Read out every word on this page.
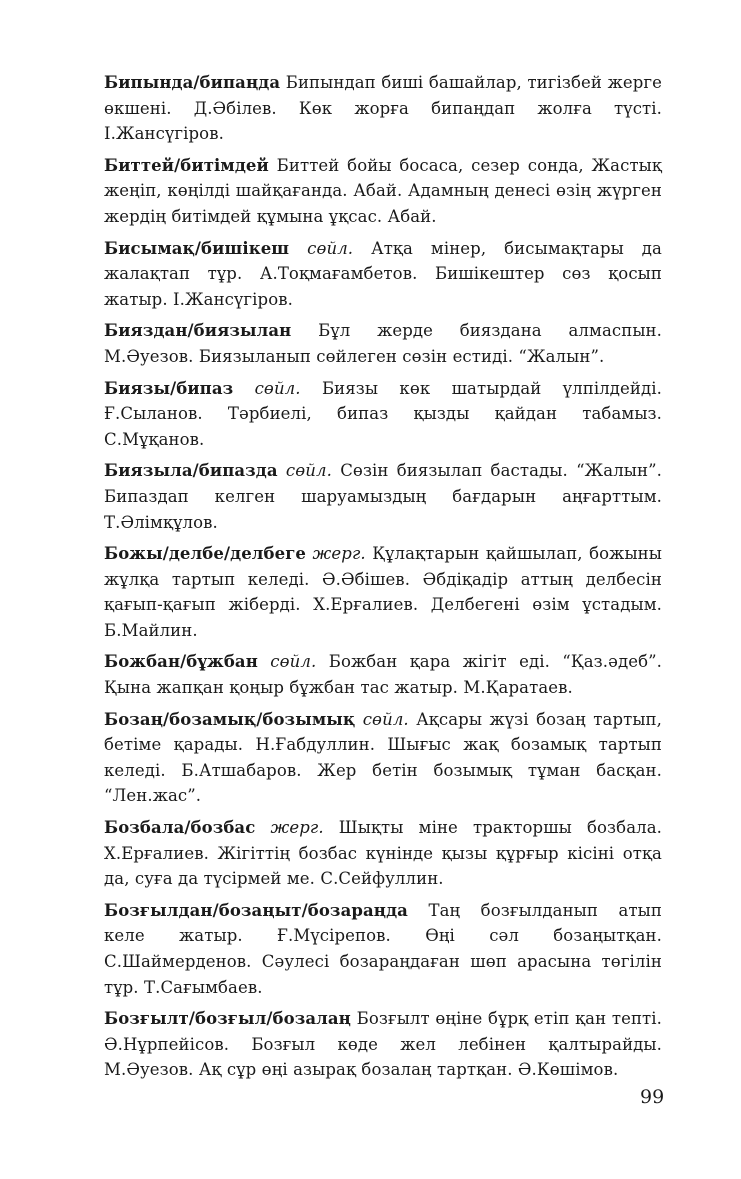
Бипында/бипаңда Бипындап биші башайлар, тигізбей жерге өкшені. Д.Әбілев. Көк жорға бипаңдап жолға түсті. І.Жансүгіров.

Биттей/битімдей Биттей бойы босаса, сезер сонда, Жастық жеңіп, көңілді шайқағанда. Абай. Адамның денесі өзің жүрген жердің битімдей құмына ұқсас. Абай.

Бисымақ/бишікеш сөйл. Атқа мінер, бисымақтары да жалақтап тұр. А.Тоқмағамбетов. Бишікештер сөз қосып жатыр. І.Жансүгіров.

Бияздан/биязылан Бұл жерде бияздана алмаспын. М.Әуезов. Биязыланып сөйлеген сөзін естиді. “Жалын”.

Биязы/бипаз сөйл. Биязы көк шатырдай үлпілдейді. Ғ.Сыланов. Тәрбиелі, бипаз қызды қайдан табамыз. С.Мұқанов.

Биязыла/бипазда сөйл. Сөзін биязылап бастады. “Жалын”. Бипаздап келген шаруамыздың бағдарын аңғарттым. Т.Әлімқұлов.

Божы/делбе/делбеге жерг. Құлақтарын қайшылап, божыны жұлқа тартып келеді. Ә.Әбішев. Әбдіқадір аттың делбесін қағып-қағып жіберді. Х.Ерғалиев. Делбегені өзім ұстадым. Б.Майлин.

Божбан/бұжбан сөйл. Божбан қара жігіт еді. “Қаз.әдеб”. Қына жапқан қоңыр бұжбан тас жатыр. М.Қаратаев.

Бозаң/бозамық/бозымық сөйл. Ақсары жүзі бозаң тартып, бетіме қарады. Н.Ғабдуллин. Шығыс жақ бозамық тартып келеді. Б.Атшабаров. Жер бетін бозымық тұман басқан. “Лен.жас”.

Бозбала/бозбас жерг. Шықты міне тракторшы бозбала. Х.Ерғалиев. Жігіттің бозбас күнінде қызы құрғыр кісіні отқа да, суға да түсірмей ме. С.Сейфуллин.

Бозғылдан/бозаңыт/бозараңда Таң бозғылданып атып келе жатыр. Ғ.Мүсірепов. Өңі сәл бозаңытқан. С.Шаймерденов. Сәулесі бозараңдаған шөп арасына төгілін тұр. Т.Сағымбаев.

Бозғылт/бозғыл/бозалаң Бозғылт өңіне бұрқ етіп қан тепті. Ә.Нұрпейісов. Бозғыл көде жел лебінен қалтырайды. М.Әуезов. Ақ сұр өңі азырақ бозалаң тартқан. Ә.Көшімов.

99
